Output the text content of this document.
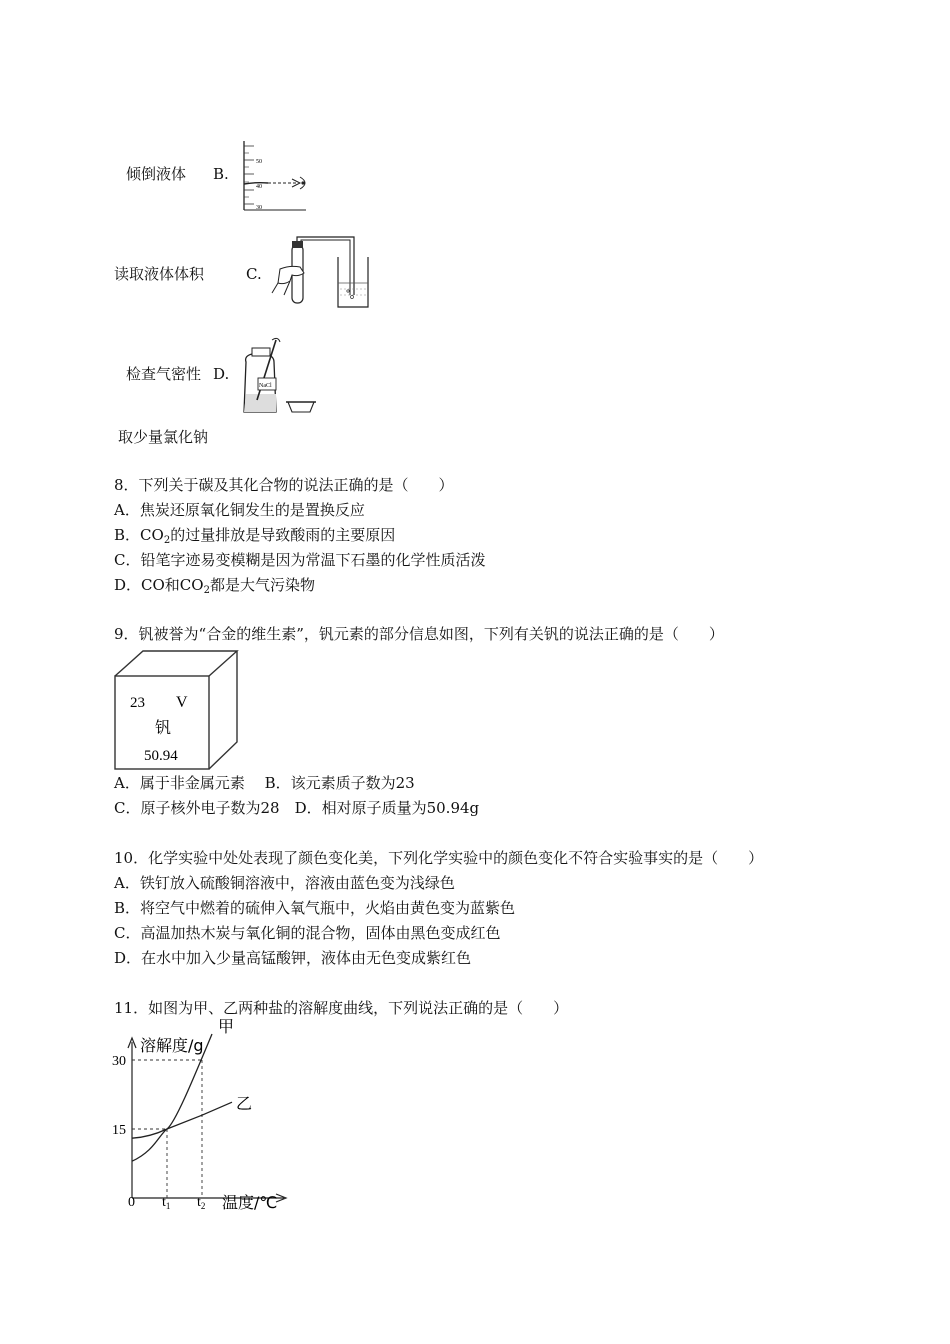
倾倒液体 B.
50
40
30
读取液体体积	C.
检查气密性 D.
NaCl
取少量氯化钠
8．下列关于碳及其化合物的说法正确的是（　　）
A．焦炭还原氧化铜发生的是置换反应
B．$CO_2$的过量排放是导致酸雨的主要原因
C．铅笔字迹易变模糊是因为常温下石墨的化学性质活泼
D．CO和$CO_2$都是大气污染物
9．钒被誉为“合金的维生素”，钒元素的部分信息如图，下列有关钒的说法正确的是（　　）
23 V
钒
50.94
A．属于非金属元素　 B．该元素质子数为23
C．原子核外电子数为28　D．相对原子质量为50.94g
10．化学实验中处处表现了颜色变化美，下列化学实验中的颜色变化不符合实验事实的是（　　）
A．铁钉放入硫酸铜溶液中，溶液由蓝色变为浅绿色
B．将空气中燃着的硫伸入氧气瓶中，火焰由黄色变为蓝紫色
C．高温加热木炭与氧化铜的混合物，固体由黑色变成红色
D．在水中加入少量高锰酸钾，液体由无色变成紫红色
11．如图为甲、乙两种盐的溶解度曲线，下列说法正确的是（　　）
甲
乙
15
30
$t_1$ $t_2$
溶解度/g
温度/℃
0
